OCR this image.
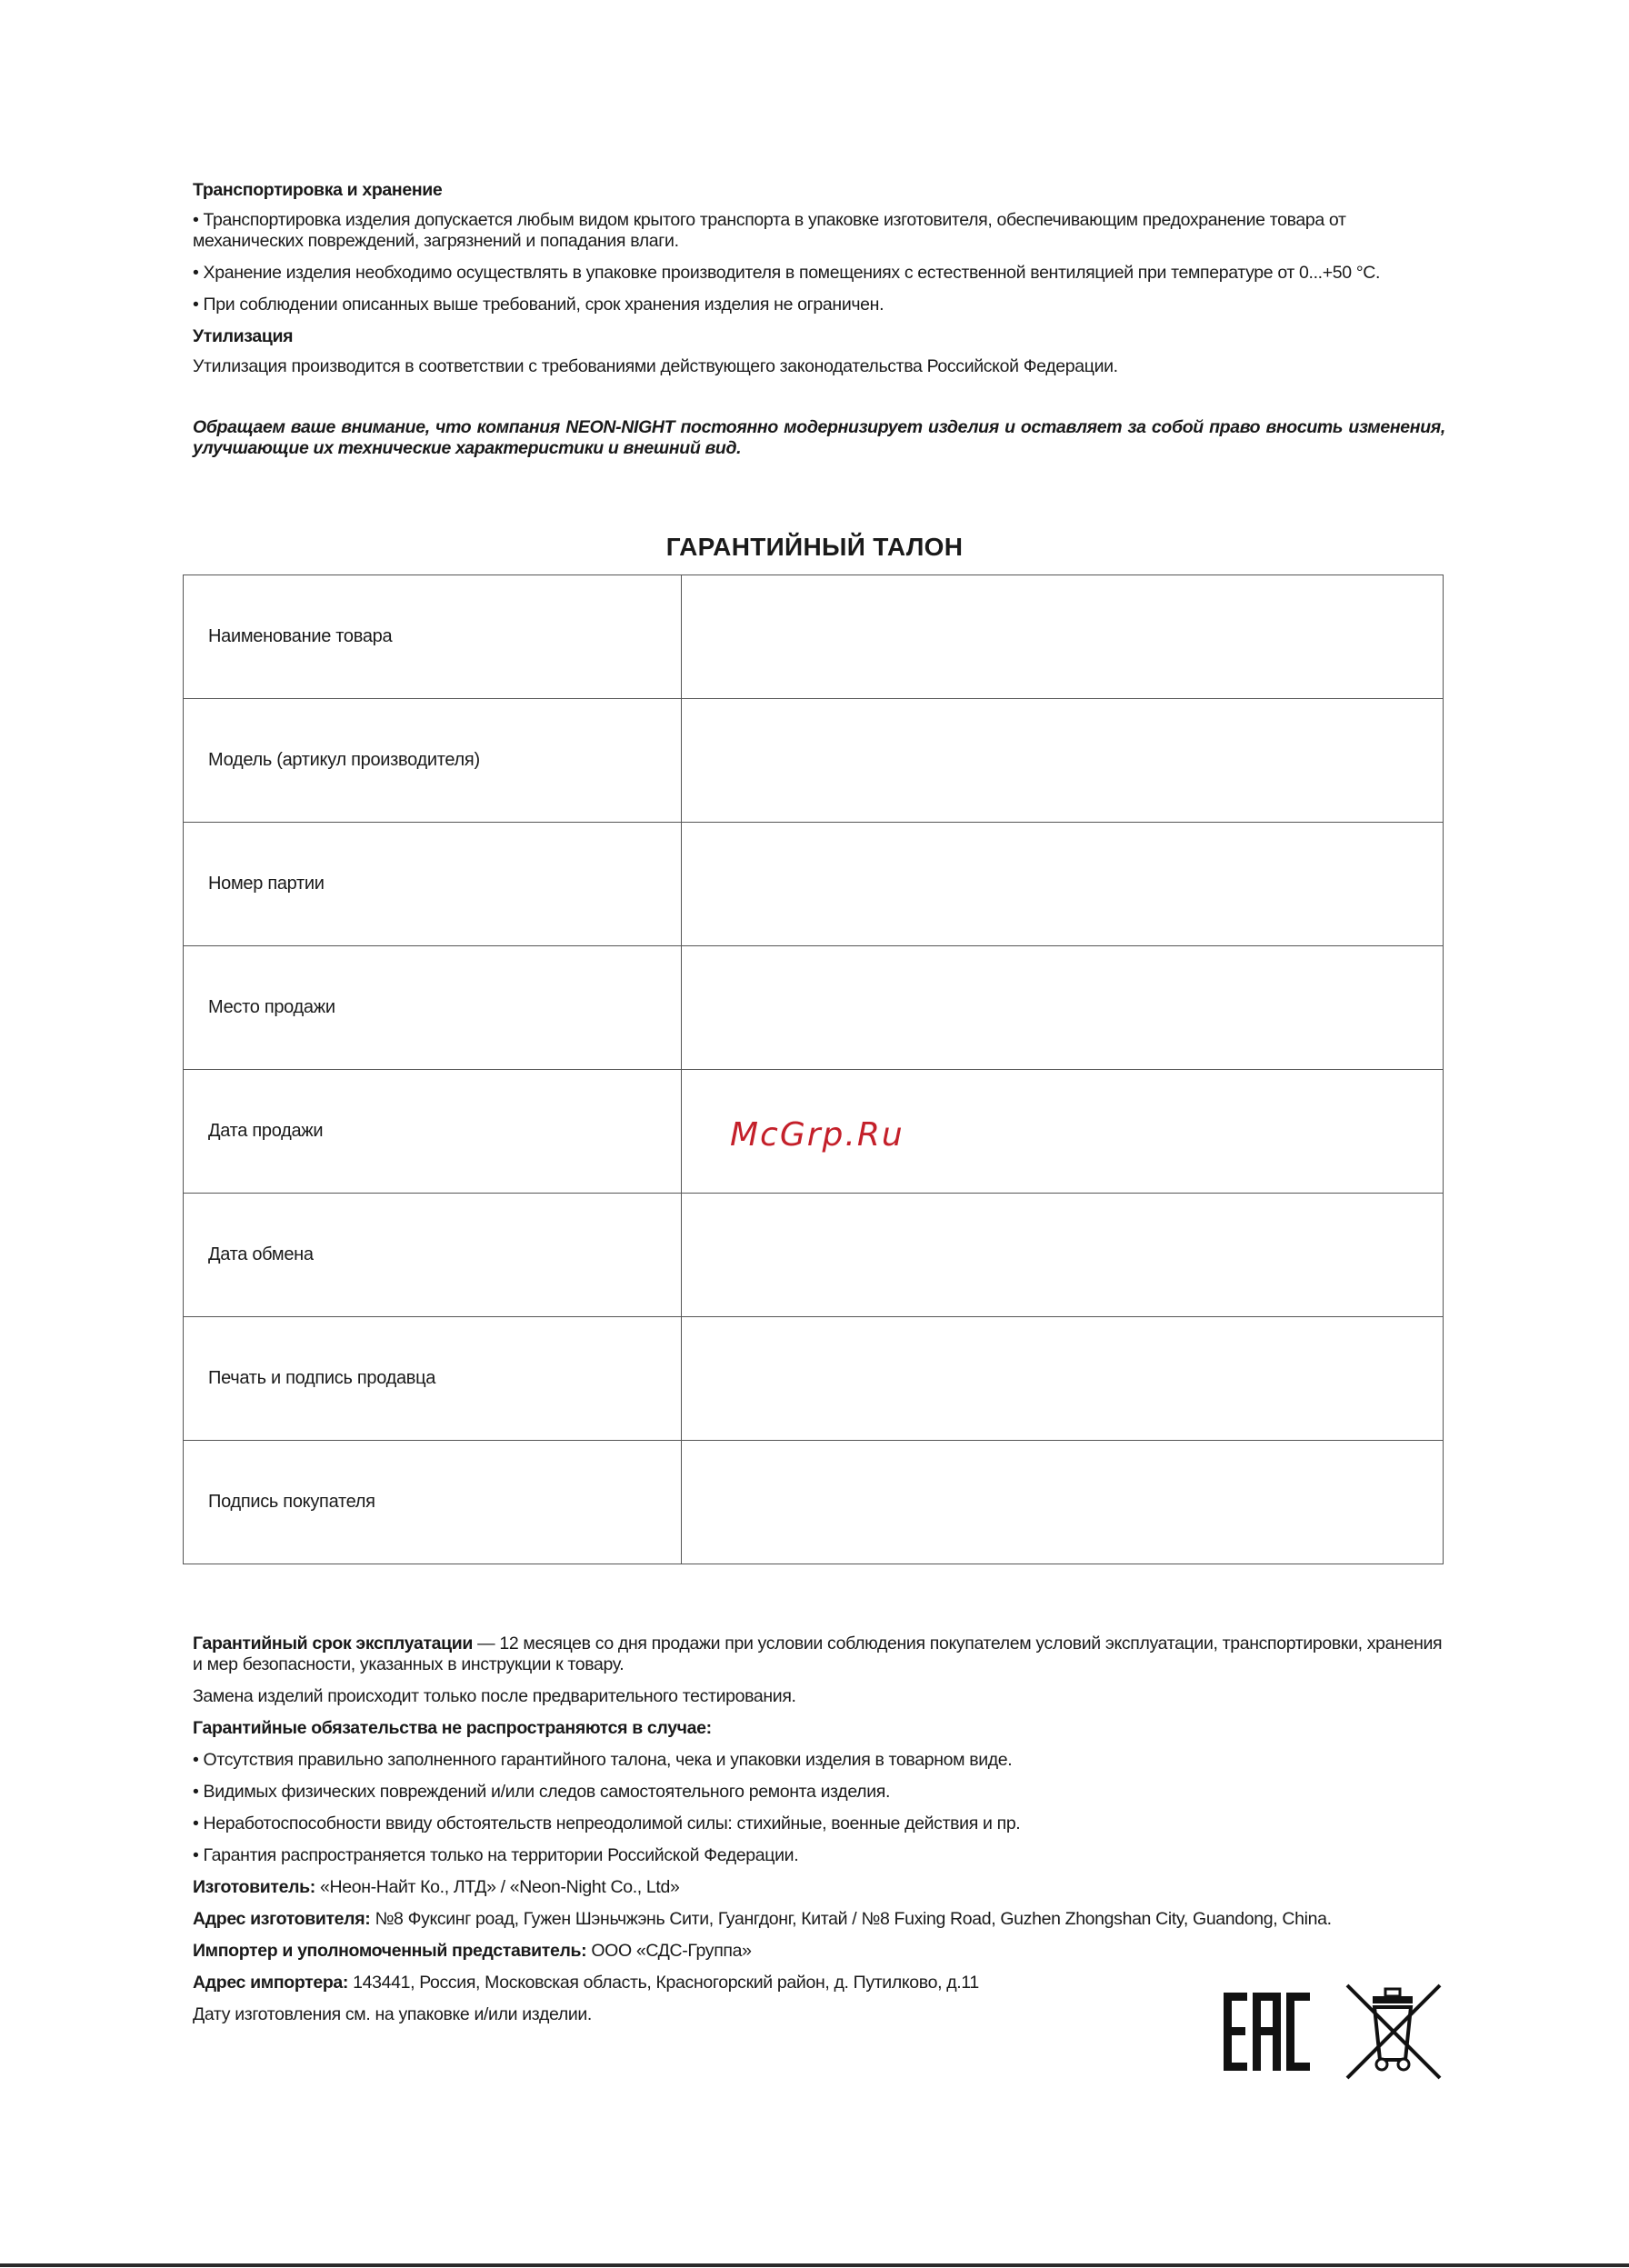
Транспортировка и хранение
• Транспортировка изделия допускается любым видом крытого транспорта в упаковке изготовителя, обеспечивающим предохранение товара от механических повреждений, загрязнений и попадания влаги.
• Хранение изделия необходимо осуществлять в упаковке производителя в помещениях с естественной вентиляцией при температуре от 0...+50 °С.
• При соблюдении описанных выше требований, срок хранения изделия не ограничен.
Утилизация
Утилизация производится в соответствии с требованиями действующего законодательства Российской Федерации.
Обращаем ваше внимание, что компания NEON-NIGHT постоянно модернизирует изделия и оставляет за собой право вносить изменения, улучшающие их технические характеристики и внешний вид.
ГАРАНТИЙНЫЙ ТАЛОН
Наименование товара	
Модель (артикул производителя)	
Номер партии	
Место продажи	
Дата продажи	
Дата обмена	
Печать и подпись продавца	
Подпись покупателя	
McGrp.Ru
Гарантийный срок эксплуатации — 12 месяцев со дня продажи при условии соблюдения покупателем условий эксплуатации, транспортировки, хранения и мер безопасности, указанных в инструкции к товару.
Замена изделий происходит только после предварительного тестирования.
Гарантийные обязательства не распространяются в случае:
• Отсутствия правильно заполненного гарантийного талона, чека и упаковки изделия в товарном виде.
• Видимых физических повреждений и/или следов самостоятельного ремонта изделия.
• Неработоспособности ввиду обстоятельств непреодолимой силы: стихийные, военные действия и пр.
• Гарантия распространяется только на территории Российской Федерации.
Изготовитель: «Неон-Найт Ко., ЛТД» / «Neon-Night Co., Ltd»
Адрес изготовителя: №8 Фуксинг роад, Гужен Шэньчжэнь Сити, Гуангдонг, Китай / №8 Fuxing Road, Guzhen Zhongshan City, Guandong, China.
Импортер и уполномоченный представитель: ООО «СДС-Группа»
Адрес импортера: 143441, Россия, Московская область, Красногорский район, д. Путилково, д.11
Дату изготовления см. на упаковке и/или изделии.
